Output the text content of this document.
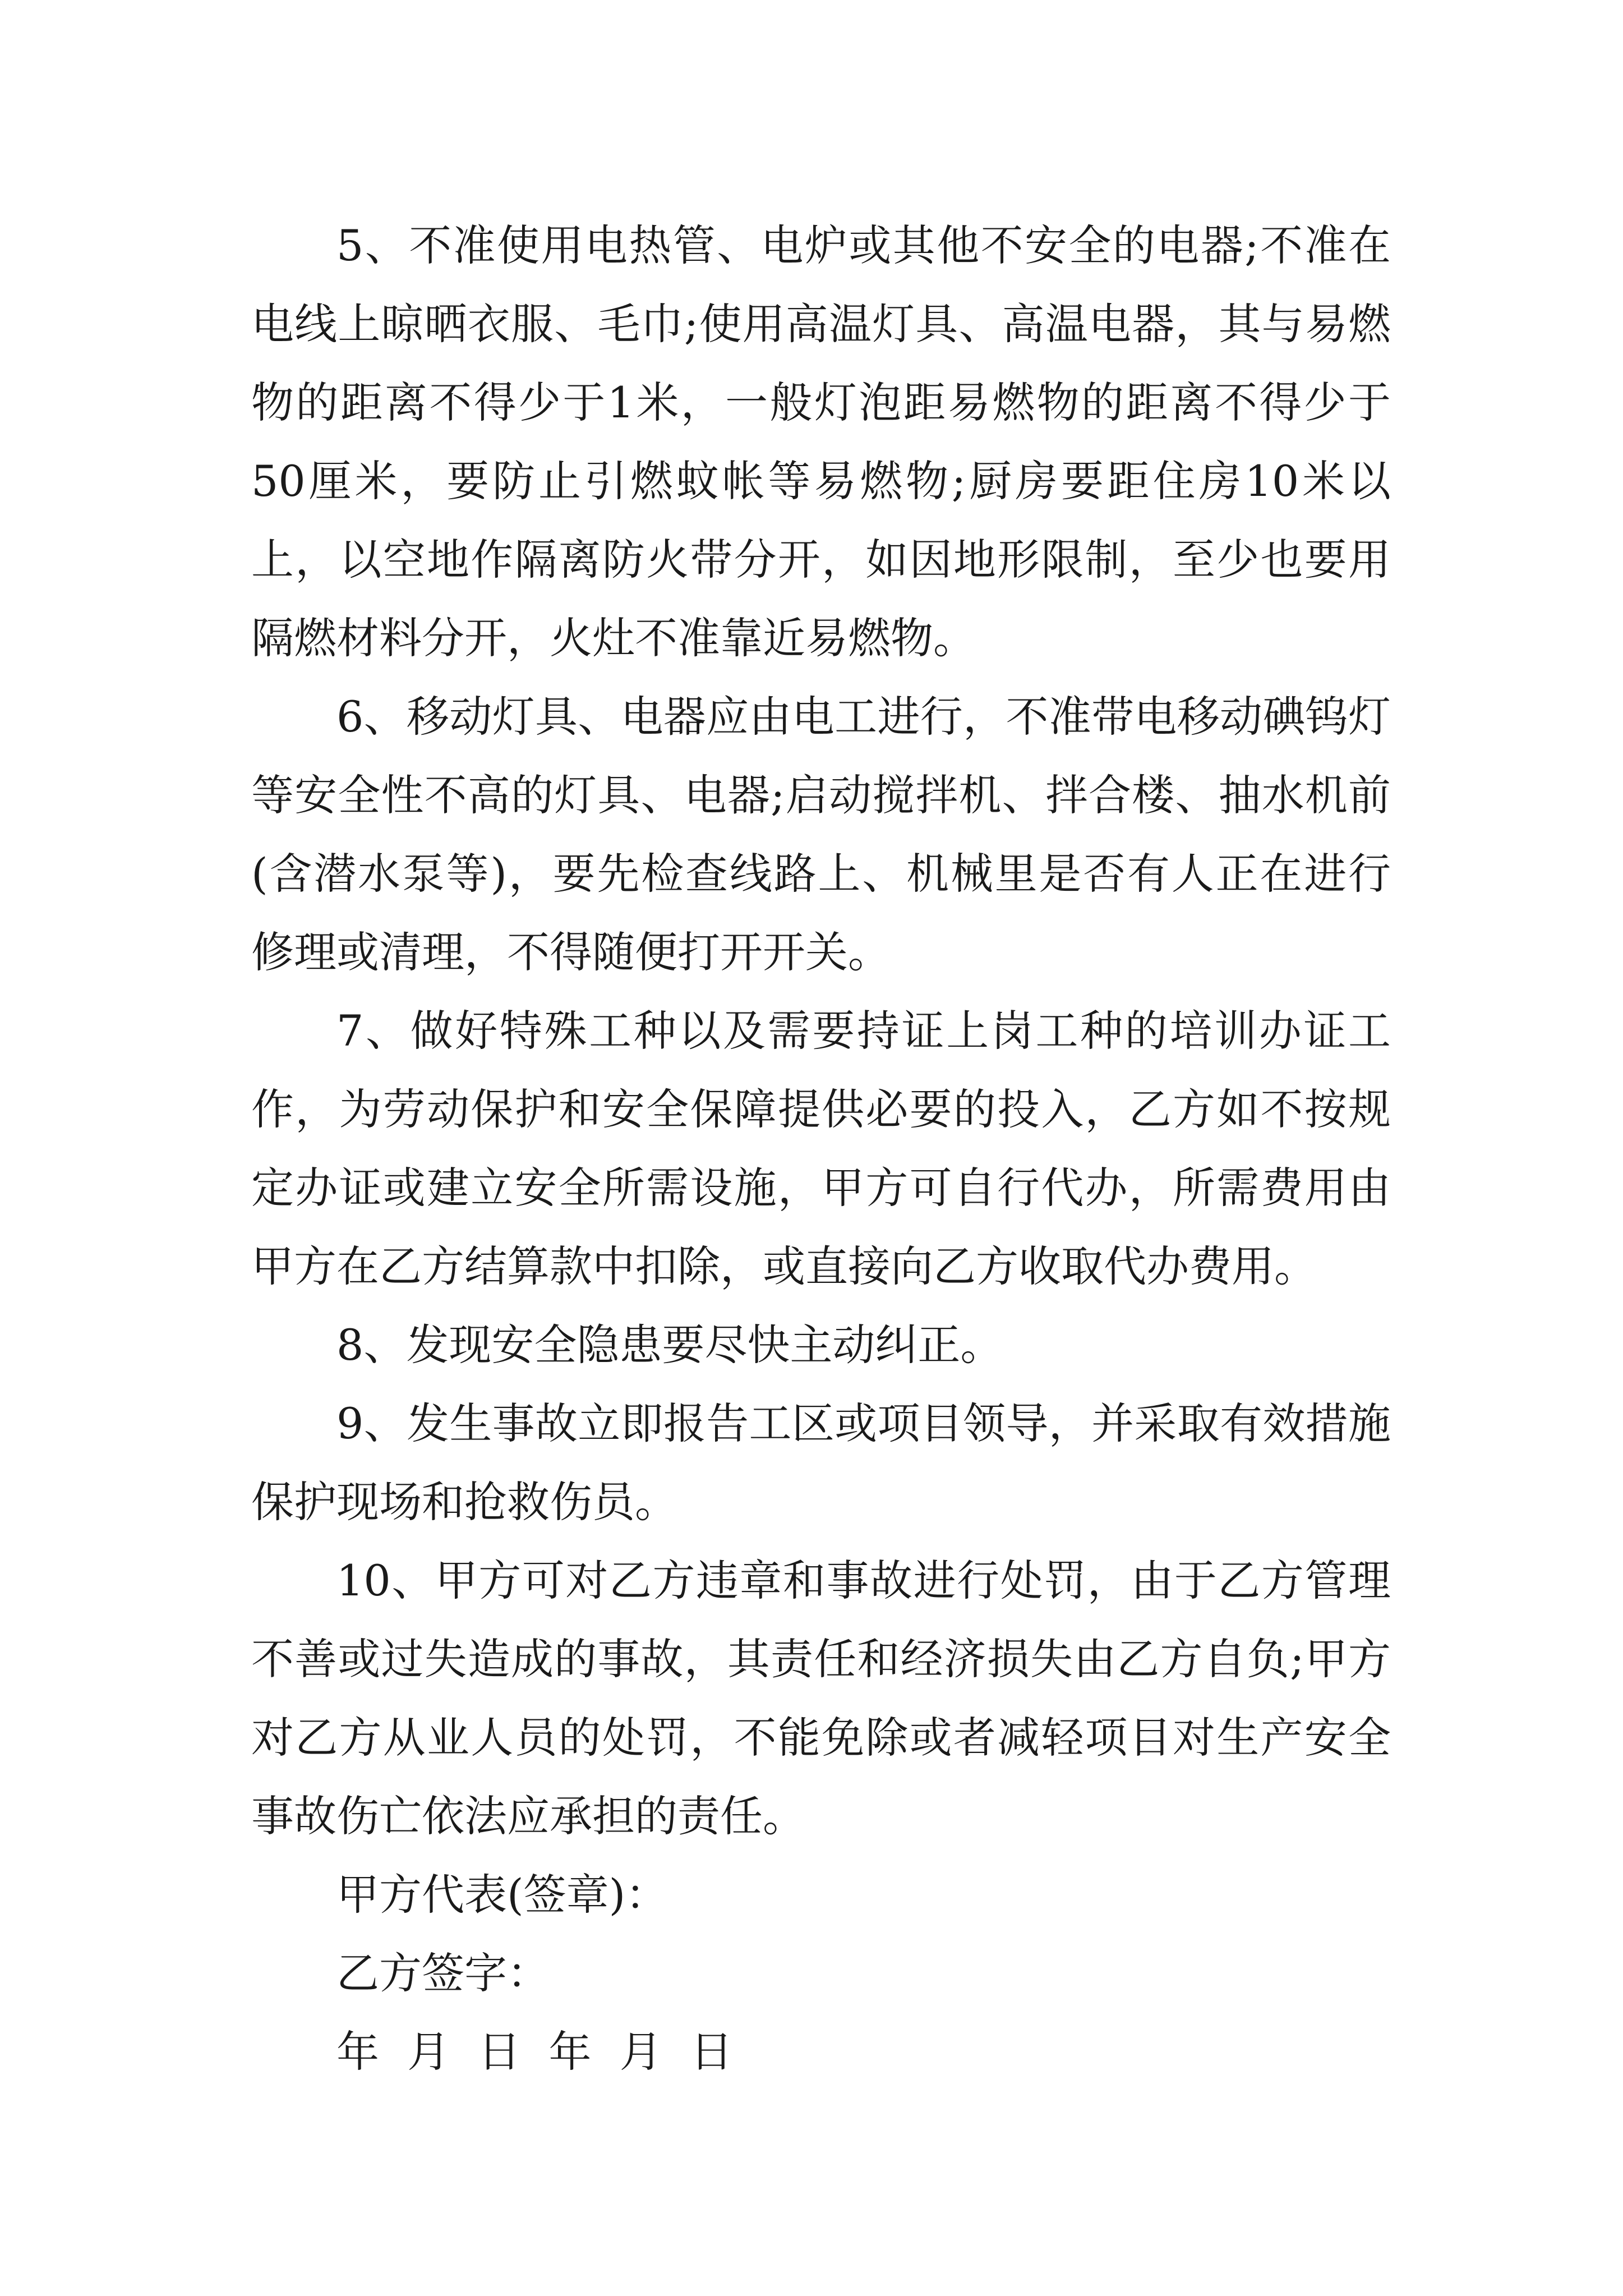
5、不准使用电热管、电炉或其他不安全的电器;不准在电线上晾晒衣服、毛巾;使用高温灯具、高温电器，其与易燃物的距离不得少于1米，一般灯泡距易燃物的距离不得少于50厘米，要防止引燃蚊帐等易燃物;厨房要距住房10米以上，以空地作隔离防火带分开，如因地形限制，至少也要用隔燃材料分开，火灶不准靠近易燃物。

6、移动灯具、电器应由电工进行，不准带电移动碘钨灯等安全性不高的灯具、电器;启动搅拌机、拌合楼、抽水机前(含潜水泵等)，要先检查线路上、机械里是否有人正在进行修理或清理，不得随便打开开关。

7、做好特殊工种以及需要持证上岗工种的培训办证工作，为劳动保护和安全保障提供必要的投入，乙方如不按规定办证或建立安全所需设施，甲方可自行代办，所需费用由甲方在乙方结算款中扣除，或直接向乙方收取代办费用。

8、发现安全隐患要尽快主动纠正。

9、发生事故立即报告工区或项目领导，并采取有效措施保护现场和抢救伤员。

10、甲方可对乙方违章和事故进行处罚，由于乙方管理不善或过失造成的事故，其责任和经济损失由乙方自负;甲方对乙方从业人员的处罚，不能免除或者减轻项目对生产安全事故伤亡依法应承担的责任。

甲方代表(签章)：

乙方签字：

年 月 日 年 月 日
